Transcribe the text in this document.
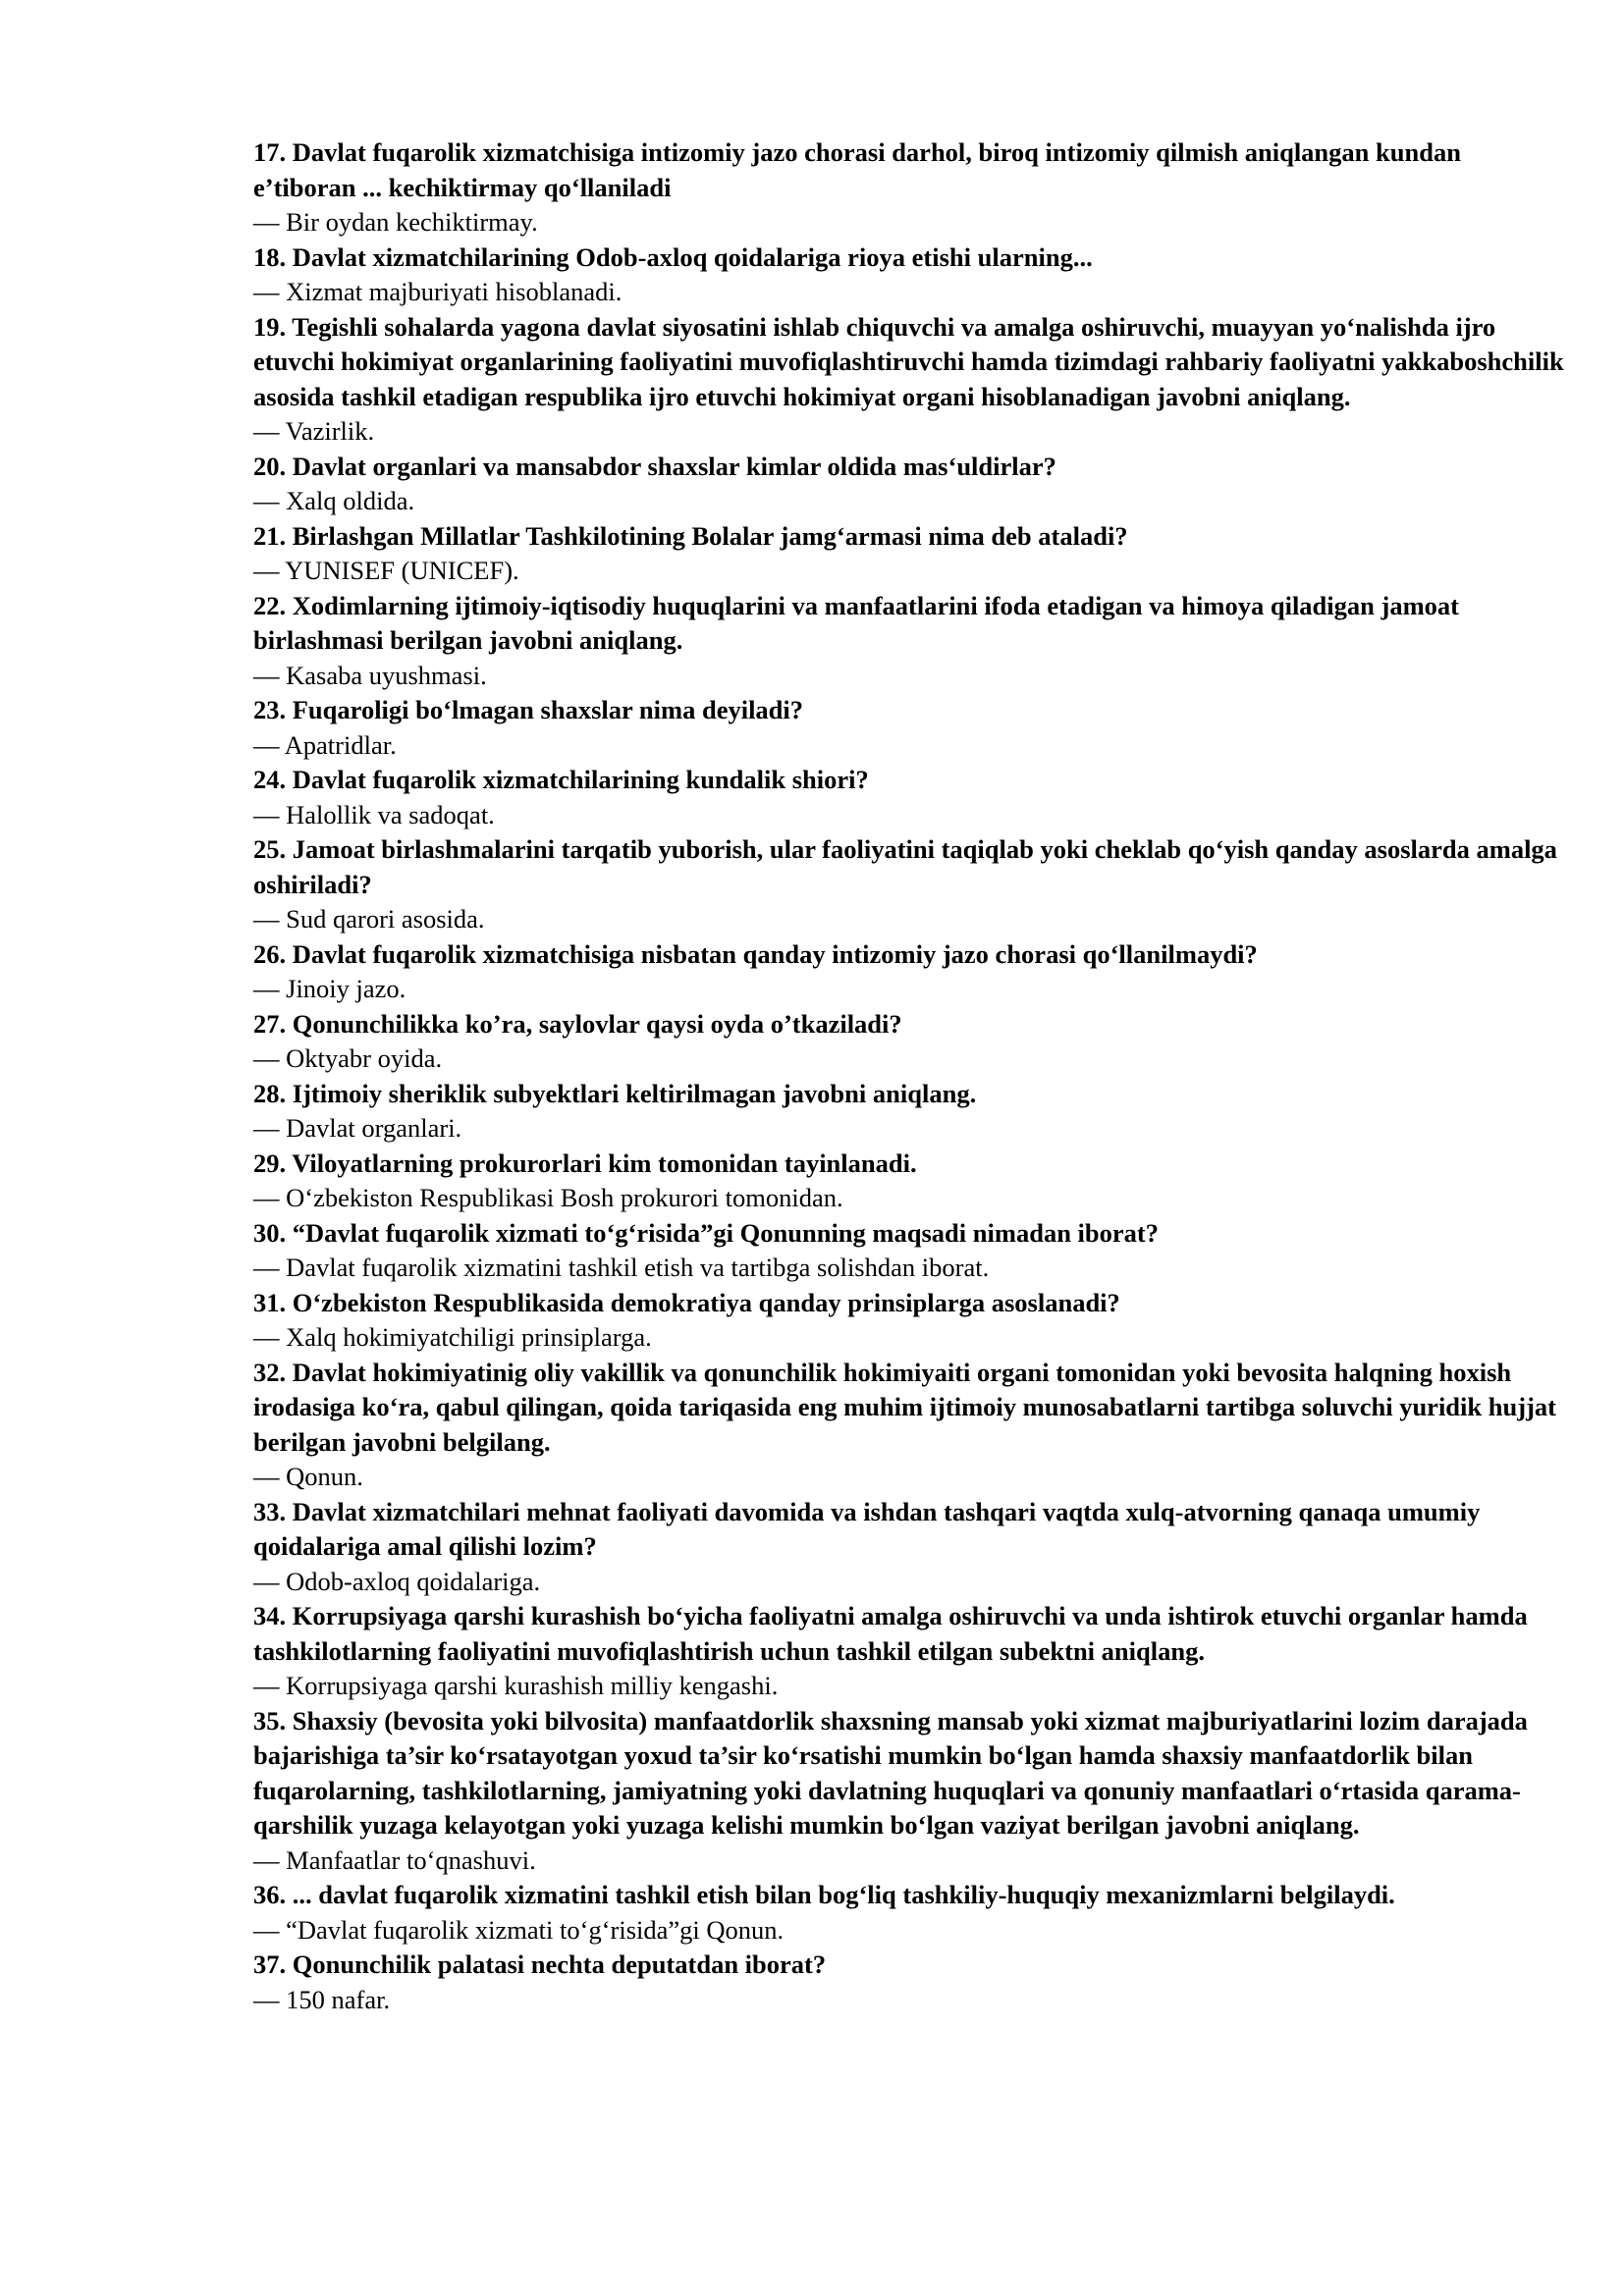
17. Davlat fuqarolik xizmatchisiga intizomiy jazo chorasi darhol, biroq intizomiy qilmish aniqlangan kundan e’tiboran ... kechiktirmay qo‘llaniladi

— Bir oydan kechiktirmay.

18. Davlat xizmatchilarining Odob-axloq qoidalariga rioya etishi ularning...

— Xizmat majburiyati hisoblanadi.

19. Tegishli sohalarda yagona davlat siyosatini ishlab chiquvchi va amalga oshiruvchi, muayyan yo‘nalishda ijro etuvchi hokimiyat organlarining faoliyatini muvofiqlashtiruvchi hamda tizimdagi rahbariy faoliyatni yakkaboshchilik asosida tashkil etadigan respublika ijro etuvchi hokimiyat organi hisoblanadigan javobni aniqlang.

— Vazirlik.

20. Davlat organlari va mansabdor shaxslar kimlar oldida mas‘uldirlar?

— Xalq oldida.

21. Birlashgan Millatlar Tashkilotining Bolalar jamg‘armasi nima deb ataladi?

— YUNISEF (UNICEF).

22. Xodimlarning ijtimoiy-iqtisodiy huquqlarini va manfaatlarini ifoda etadigan va himoya qiladigan jamoat birlashmasi berilgan javobni aniqlang.

— Kasaba uyushmasi.

23. Fuqaroligi bo‘lmagan shaxslar nima deyiladi?

— Apatridlar.

24. Davlat fuqarolik xizmatchilarining kundalik shiori?

— Halollik va sadoqat.

25. Jamoat birlashmalarini tarqatib yuborish, ular faoliyatini taqiqlab yoki cheklab qo‘yish qanday asoslarda amalga oshiriladi?

— Sud qarori asosida.

26. Davlat fuqarolik xizmatchisiga nisbatan qanday intizomiy jazo chorasi qo‘llanilmaydi?

— Jinoiy jazo.

27. Qonunchilikka ko’ra, saylovlar qaysi oyda o’tkaziladi?

— Oktyabr oyida.

28. Ijtimoiy sheriklik subyektlari keltirilmagan javobni aniqlang.

— Davlat organlari.

29. Viloyatlarning prokurorlari kim tomonidan tayinlanadi.

— O‘zbekiston Respublikasi Bosh prokurori tomonidan.

30. “Davlat fuqarolik xizmati to‘g‘risida”gi Qonunning maqsadi nimadan iborat?

— Davlat fuqarolik xizmatini tashkil etish va tartibga solishdan iborat.

31. O‘zbekiston Respublikasida demokratiya qanday prinsiplarga asoslanadi?

— Xalq hokimiyatchiligi prinsiplarga.

32. Davlat hokimiyatinig oliy vakillik va qonunchilik hokimiyaiti organi tomonidan yoki bevosita halqning hoxish irodasiga ko‘ra, qabul qilingan, qoida tariqasida eng muhim ijtimoiy munosabatlarni tartibga soluvchi yuridik hujjat berilgan javobni belgilang.

— Qonun.

33. Davlat xizmatchilari mehnat faoliyati davomida va ishdan tashqari vaqtda xulq-atvorning qanaqa umumiy qoidalariga amal qilishi lozim?

— Odob-axloq qoidalariga.

34. Korrupsiyaga qarshi kurashish bo‘yicha faoliyatni amalga oshiruvchi va unda ishtirok etuvchi organlar hamda tashkilotlarning faoliyatini muvofiqlashtirish uchun tashkil etilgan subektni aniqlang.

— Korrupsiyaga qarshi kurashish milliy kengashi.

35. Shaxsiy (bevosita yoki bilvosita) manfaatdorlik shaxsning mansab yoki xizmat majburiyatlarini lozim darajada bajarishiga ta’sir ko‘rsatayotgan yoxud ta’sir ko‘rsatishi mumkin bo‘lgan hamda shaxsiy manfaatdorlik bilan fuqarolarning, tashkilotlarning, jamiyatning yoki davlatning huquqlari va qonuniy manfaatlari o‘rtasida qarama-qarshilik yuzaga kelayotgan yoki yuzaga kelishi mumkin bo‘lgan vaziyat berilgan javobni aniqlang.

— Manfaatlar to‘qnashuvi.

36. ... davlat fuqarolik xizmatini tashkil etish bilan bog‘liq tashkiliy-huquqiy mexanizmlarni belgilaydi.

— “Davlat fuqarolik xizmati to‘g‘risida”gi Qonun.

37. Qonunchilik palatasi nechta deputatdan iborat?

— 150 nafar.
